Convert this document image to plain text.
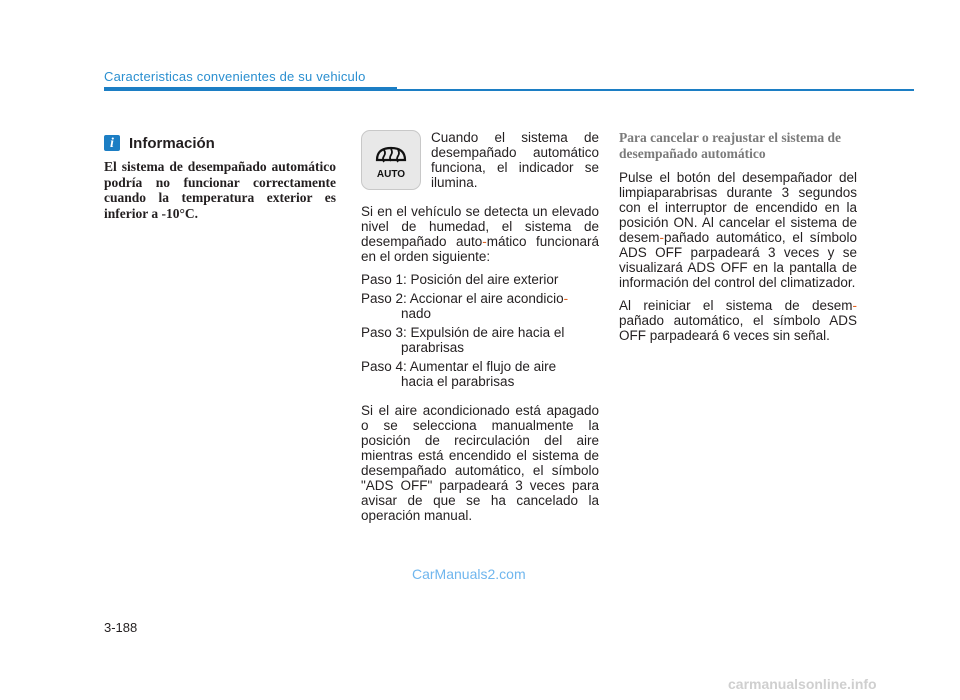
Caracteristicas convenientes de su vehiculo
i	Información
El sistema de desempañado automático podría no funcionar correctamente cuando la temperatura exterior es inferior a -10°C.
AUTO
Cuando el sistema de desempañado automático funciona, el indicador se ilumina.

Si en el vehículo se detecta un elevado nivel de humedad, el sistema de desempañado auto-mático funcionará en el orden siguiente:

Paso 1: Posición del aire exterior
Paso 2: Accionar el aire acondicio-
nado
Paso 3: Expulsión de aire hacia el
parabrisas
Paso 4: Aumentar el flujo de aire
hacia el parabrisas

Si el aire acondicionado está apagado o se selecciona manualmente la posición de recirculación del aire mientras está encendido el sistema de desempañado automático, el símbolo "ADS OFF" parpadeará 3 veces para avisar de que se ha cancelado la operación manual.

Para cancelar o reajustar el sistema de desempañado automático

Pulse el botón del desempañador del limpiaparabrisas durante 3 segundos con el interruptor de encendido en la posición ON. Al cancelar el sistema de desem-pañado automático, el símbolo ADS OFF parpadeará 3 veces y se visualizará ADS OFF en la pantalla de información del control del climatizador.

Al reiniciar el sistema de desem-pañado automático, el símbolo ADS OFF parpadeará 6 veces sin señal.

CarManuals2.com
3-188
carmanualsonline.info
